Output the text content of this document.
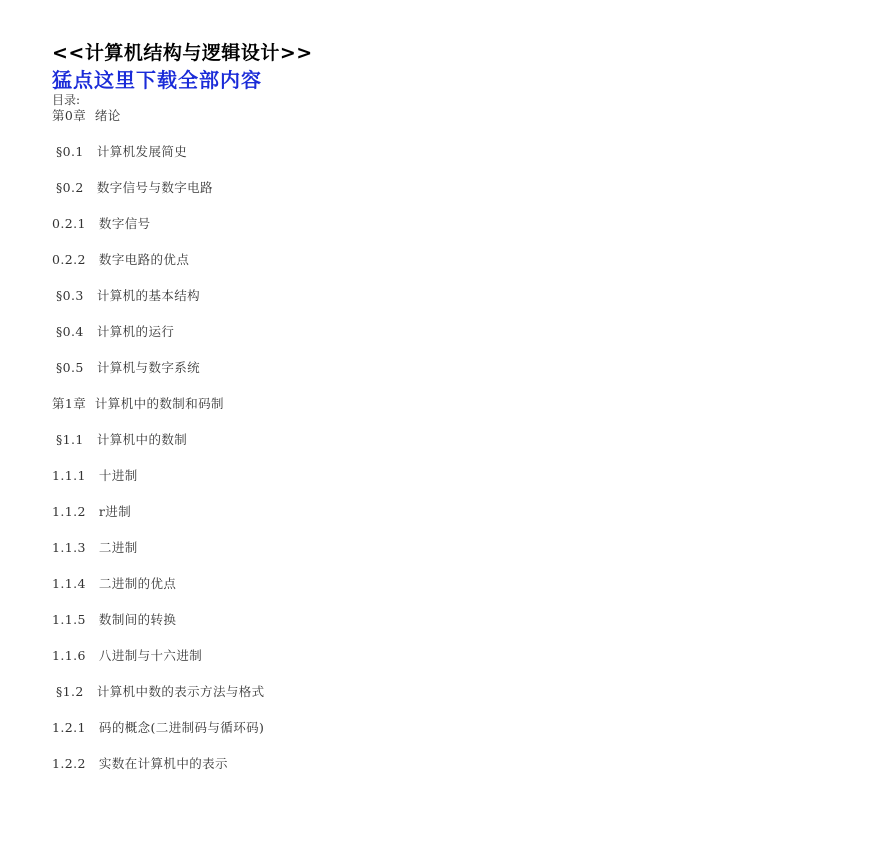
<<计算机结构与逻辑设计>>
猛点这里下载全部内容
目录:
第0章  绪论
§0.1   计算机发展简史
§0.2   数字信号与数字电路
0.2.1   数字信号
0.2.2   数字电路的优点
§0.3   计算机的基本结构
§0.4   计算机的运行
§0.5   计算机与数字系统
第1章  计算机中的数制和码制
§1.1   计算机中的数制
1.1.1   十进制
1.1.2   r进制
1.1.3   二进制
1.1.4   二进制的优点
1.1.5   数制间的转换
1.1.6   八进制与十六进制
§1.2   计算机中数的表示方法与格式
1.2.1   码的概念(二进制码与循环码)
1.2.2   实数在计算机中的表示
